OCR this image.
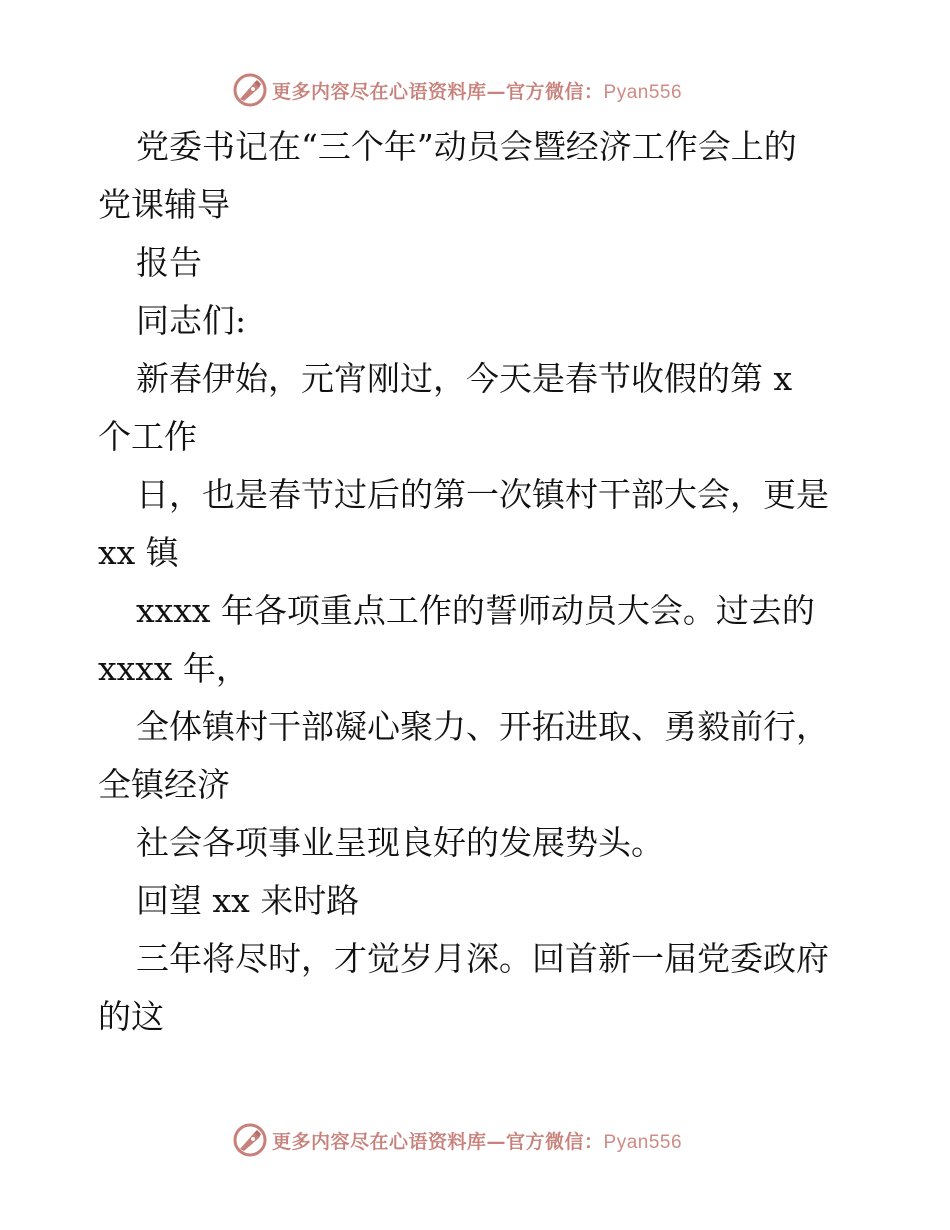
更多内容尽在心语资料库—官方微信：Pyan556
党委书记在“三个年”动员会暨经济工作会上的
党课辅导
报告
同志们:
新春伊始，元宵刚过，今天是春节收假的第 x
个工作
日，也是春节过后的第一次镇村干部大会，更是
xx 镇
xxxx 年各项重点工作的誓师动员大会。过去的
xxxx 年，
全体镇村干部凝心聚力、开拓进取、勇毅前行，
全镇经济
社会各项事业呈现良好的发展势头。
回望 xx 来时路
三年将尽时，才觉岁月深。回首新一届党委政府
的这
更多内容尽在心语资料库—官方微信：Pyan556
